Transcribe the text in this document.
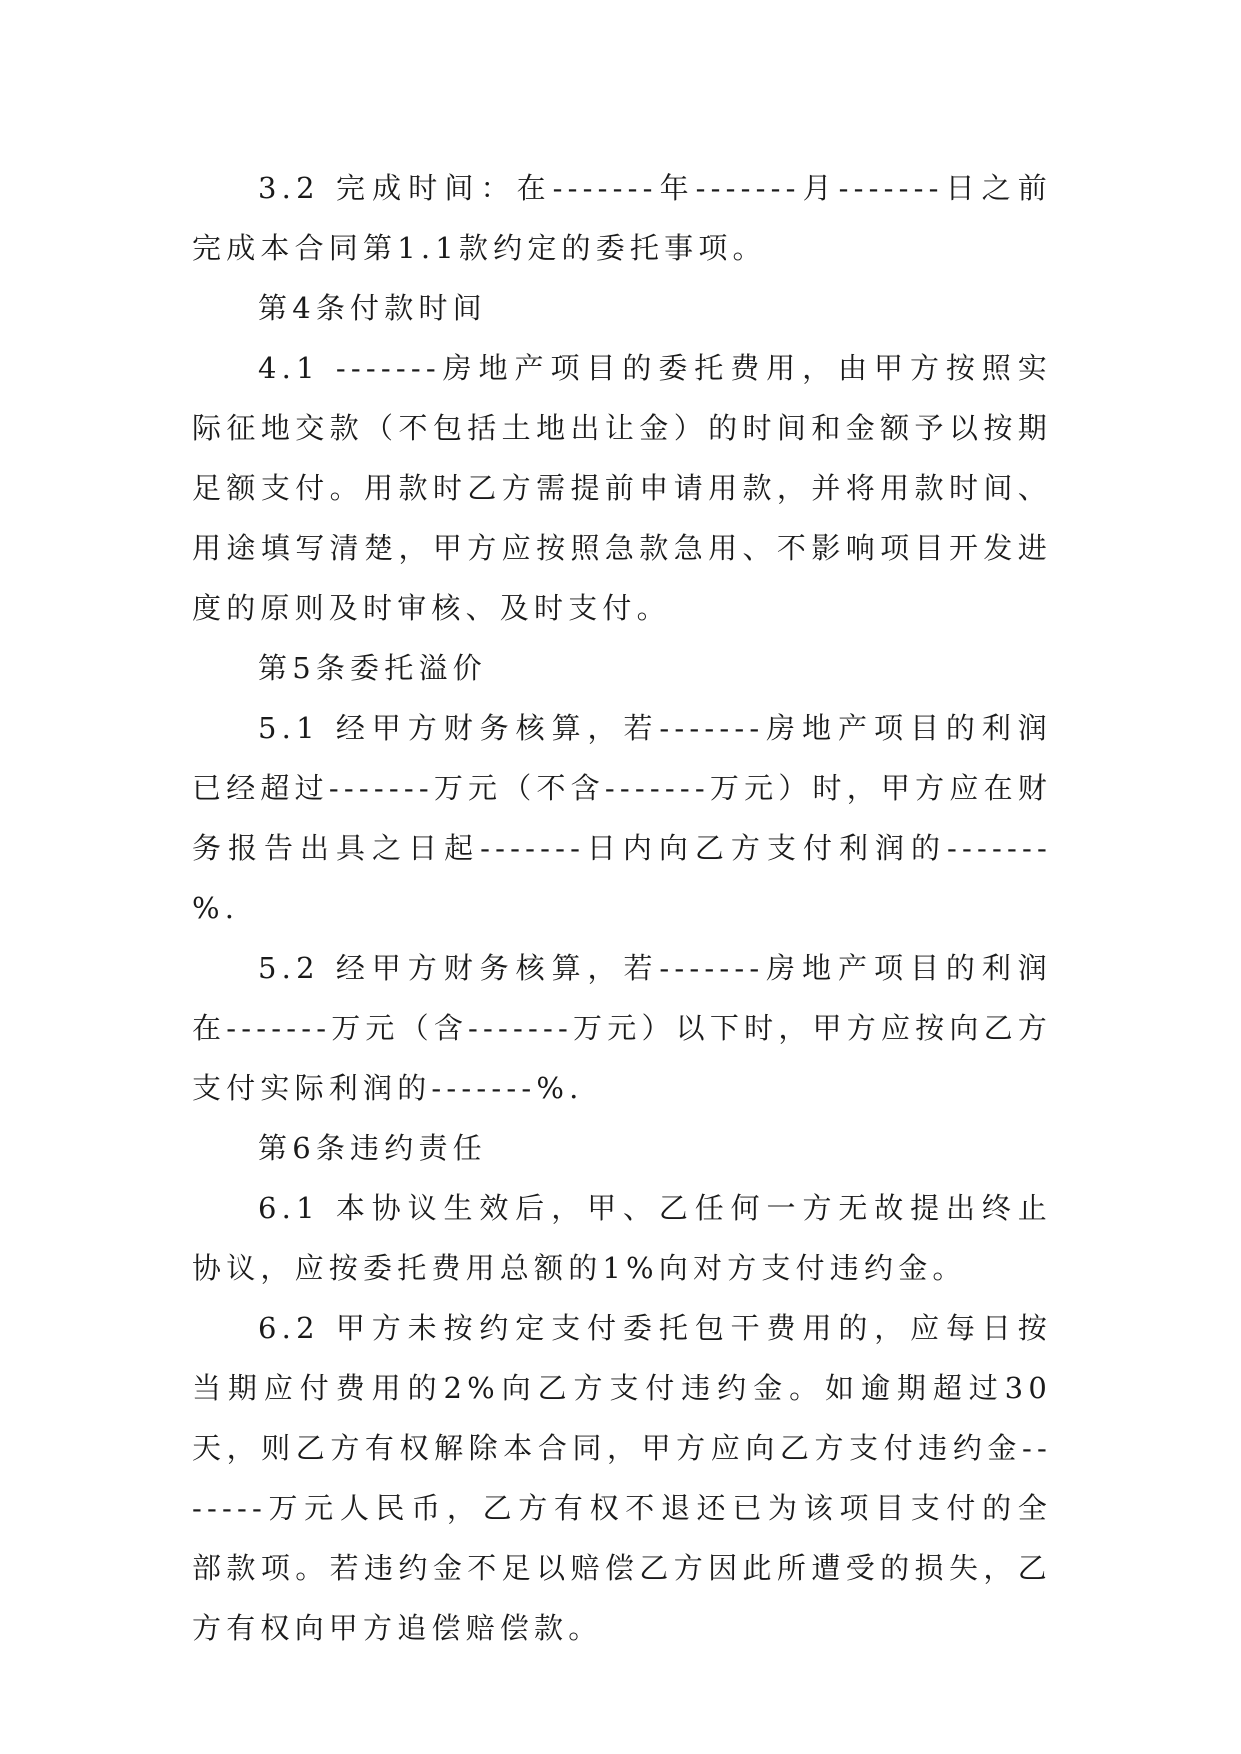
3.2 完成时间：在-------年-------月-------日之前完成本合同第1.1款约定的委托事项。

第4条付款时间

4.1 -------房地产项目的委托费用，由甲方按照实际征地交款（不包括土地出让金）的时间和金额予以按期足额支付。用款时乙方需提前申请用款，并将用款时间、用途填写清楚，甲方应按照急款急用、不影响项目开发进度的原则及时审核、及时支付。

第5条委托溢价

5.1 经甲方财务核算，若-------房地产项目的利润已经超过-------万元（不含-------万元）时，甲方应在财务报告出具之日起-------日内向乙方支付利润的-------%.

5.2 经甲方财务核算，若-------房地产项目的利润在-------万元（含-------万元）以下时，甲方应按向乙方支付实际利润的-------%.

第6条违约责任

6.1 本协议生效后，甲、乙任何一方无故提出终止协议，应按委托费用总额的1%向对方支付违约金。

6.2 甲方未按约定支付委托包干费用的，应每日按当期应付费用的2%向乙方支付违约金。如逾期超过30天，则乙方有权解除本合同，甲方应向乙方支付违约金-------万元人民币，乙方有权不退还已为该项目支付的全部款项。若违约金不足以赔偿乙方因此所遭受的损失，乙方有权向甲方追偿赔偿款。
